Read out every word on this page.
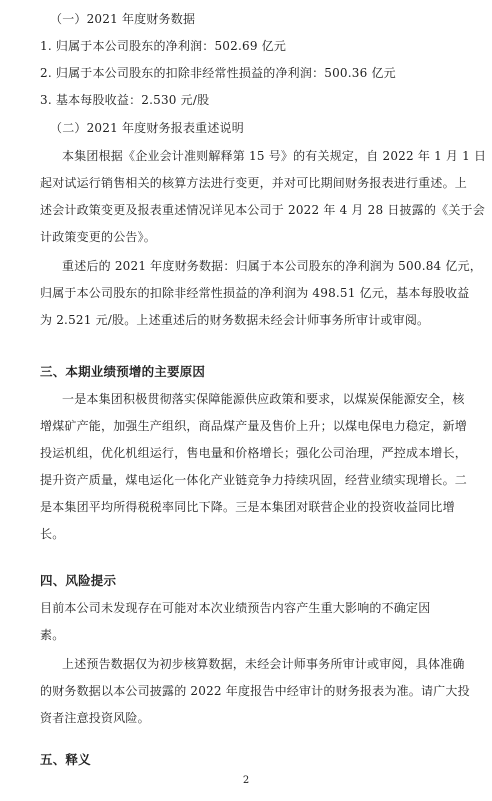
（一）2021 年度财务数据
1. 归属于本公司股东的净利润：502.69 亿元
2. 归属于本公司股东的扣除非经常性损益的净利润：500.36 亿元
3. 基本每股收益：2.530 元/股
（二）2021 年度财务报表重述说明
本集团根据《企业会计准则解释第 15 号》的有关规定，自 2022 年 1 月 1 日
起对试运行销售相关的核算方法进行变更，并对可比期间财务报表进行重述。上
述会计政策变更及报表重述情况详见本公司于 2022 年 4 月 28 日披露的《关于会
计政策变更的公告》。
重述后的 2021 年度财务数据：归属于本公司股东的净利润为 500.84 亿元，
归属于本公司股东的扣除非经常性损益的净利润为 498.51 亿元，基本每股收益
为 2.521 元/股。上述重述后的财务数据未经会计师事务所审计或审阅。
三、本期业绩预增的主要原因
一是本集团积极贯彻落实保障能源供应政策和要求，以煤炭保能源安全，核
增煤矿产能，加强生产组织，商品煤产量及售价上升；以煤电保电力稳定，新增
投运机组，优化机组运行，售电量和价格增长；强化公司治理，严控成本增长，
提升资产质量，煤电运化一体化产业链竞争力持续巩固，经营业绩实现增长。二
是本集团平均所得税税率同比下降。三是本集团对联营企业的投资收益同比增
长。
四、风险提示
目前本公司未发现存在可能对本次业绩预告内容产生重大影响的不确定因
素。
上述预告数据仅为初步核算数据，未经会计师事务所审计或审阅，具体准确
的财务数据以本公司披露的 2022 年度报告中经审计的财务报表为准。请广大投
资者注意投资风险。
五、释义
2
